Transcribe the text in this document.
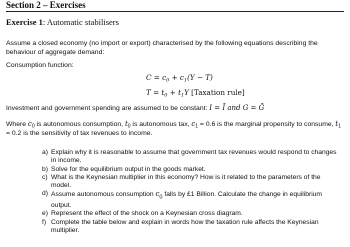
Section 2 – Exercises
Exercise 1: Automatic stabilisers
Assume a closed economy (no import or export) characterised by the following equations describing the behaviour of aggregate demand:
Consumption function:
$C = c_0 + c_1(Y - T)$
$T = t_0 + t_1Y$ [Taxation rule]
Investment and government spending are assumed to be constant: I = Ī and G = Ḡ
Where $c_0$ is autonomous consumption, $t_0$ is autonomous tax, $c_1 = 0.6$ is the marginal propensity to consume, $t_1 = 0.2$ is the sensitivity of tax revenues to income.
a) Explain why it is reasonable to assume that government tax revenues would respond to changes in income.
b) Solve for the equilibrium output in the goods market.
c) What is the Keynesian multiplier in this economy? How is it related to the parameters of the model.
d) Assume autonomous consumption $c_0$ falls by £1 Billion. Calculate the change in equilibrium output.
e) Represent the effect of the shock on a Keynesian cross diagram.
f) Complete the table below and explain in words how the taxation rule affects the Keynesian multiplier.
